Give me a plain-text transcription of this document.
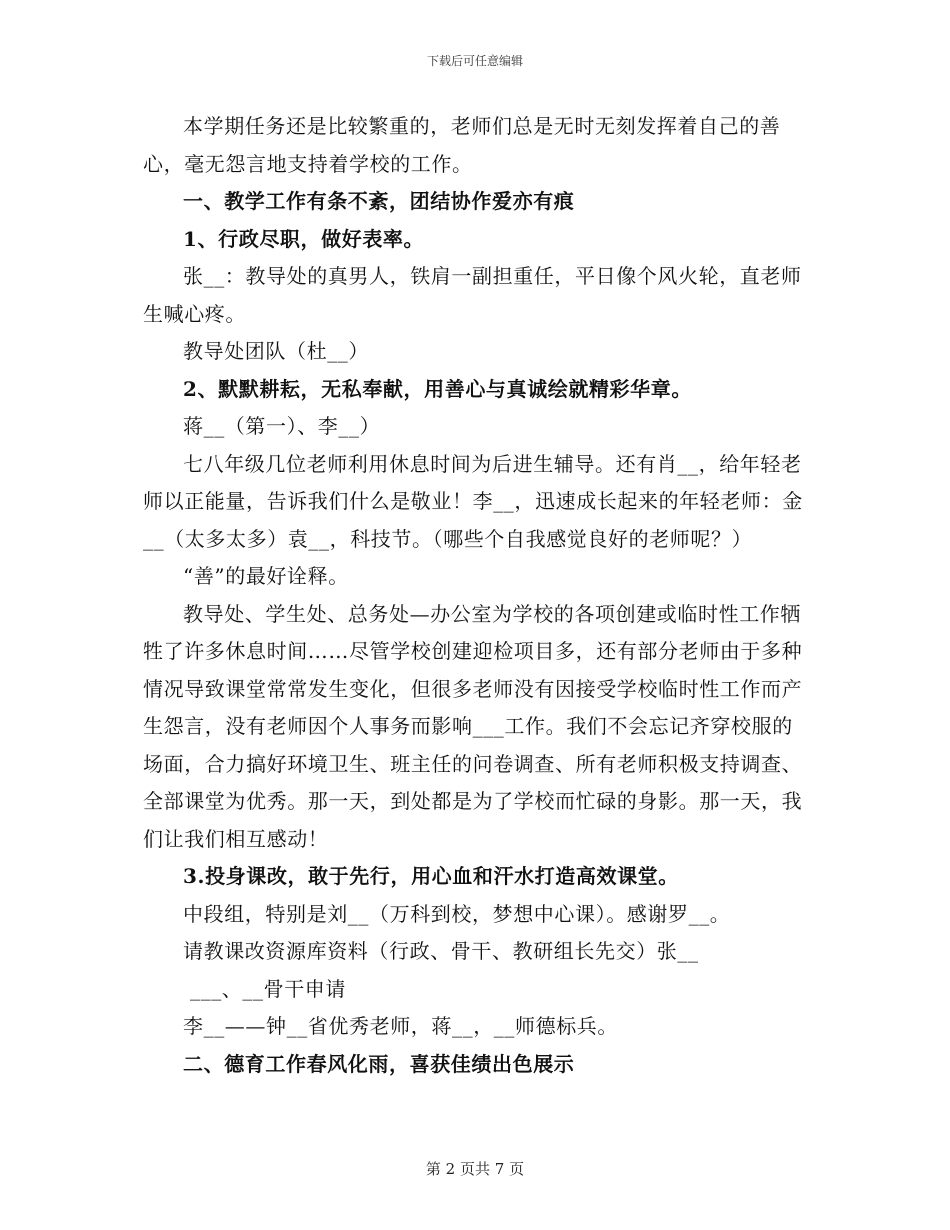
下载后可任意编辑

本学期任务还是比较繁重的，老师们总是无时无刻发挥着自己的善心，毫无怨言地支持着学校的工作。

一、教学工作有条不紊，团结协作爱亦有痕

1、行政尽职，做好表率。

张__：教导处的真男人，铁肩一副担重任，平日像个风火轮，直老师生喊心疼。

教导处团队（杜__）

2、默默耕耘，无私奉献，用善心与真诚绘就精彩华章。

蒋__（第一）、李__）

七八年级几位老师利用休息时间为后进生辅导。还有肖__，给年轻老师以正能量，告诉我们什么是敬业！李__，迅速成长起来的年轻老师：金__（太多太多）袁__，科技节。（哪些个自我感觉良好的老师呢？）

“善”的最好诠释。

教导处、学生处、总务处—办公室为学校的各项创建或临时性工作牺牲了许多休息时间……尽管学校创建迎检项目多，还有部分老师由于多种情况导致课堂常常发生变化，但很多老师没有因接受学校临时性工作而产生怨言，没有老师因个人事务而影响___工作。我们不会忘记齐穿校服的场面，合力搞好环境卫生、班主任的问卷调查、所有老师积极支持调查、全部课堂为优秀。那一天，到处都是为了学校而忙碌的身影。那一天，我们让我们相互感动！

3.投身课改，敢于先行，用心血和汗水打造高效课堂。

中段组，特别是刘__（万科到校，梦想中心课）。感谢罗__。

请教课改资源库资料（行政、骨干、教研组长先交）张__

___、__骨干申请

李__——钟__省优秀老师，蒋__，__师德标兵。

二、德育工作春风化雨，喜获佳绩出色展示

第 2 页共 7 页
